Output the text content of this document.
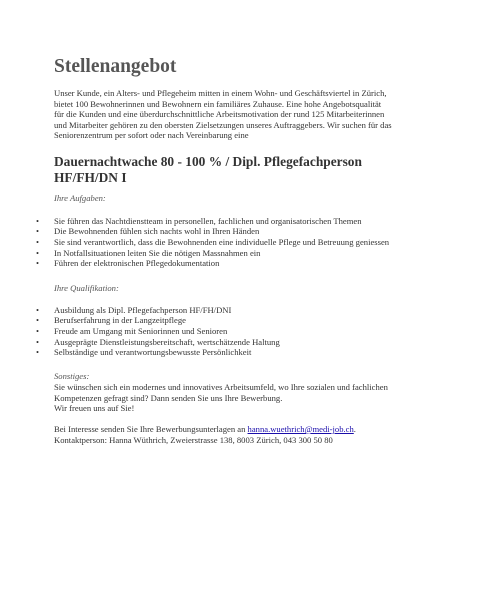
Stellenangebot

Unser Kunde, ein Alters- und Pflegeheim mitten in einem Wohn- und Geschäftsviertel in Zürich,
bietet 100 Bewohnerinnen und Bewohnern ein familiäres Zuhause. Eine hohe Angebotsqualität
für die Kunden und eine überdurchschnittliche Arbeitsmotivation der rund 125 Mitarbeiterinnen
und Mitarbeiter gehören zu den obersten Zielsetzungen unseres Auftraggebers. Wir suchen für das
Seniorenzentrum per sofort oder nach Vereinbarung eine

Dauernachtwache 80 - 100 % / Dipl. Pflegefachperson
HF/FH/DN I
Ihre Aufgaben:
• Sie führen das Nachtdienstteam in personellen, fachlichen und organisatorischen Themen
• Die Bewohnenden fühlen sich nachts wohl in Ihren Händen
• Sie sind verantwortlich, dass die Bewohnenden eine individuelle Pflege und Betreuung geniessen
• In Notfallsituationen leiten Sie die nötigen Massnahmen ein
• Führen der elektronischen Pflegedokumentation
Ihre Qualifikation:
• Ausbildung als Dipl. Pflegefachperson HF/FH/DNI
• Berufserfahrung in der Langzeitpflege
• Freude am Umgang mit Seniorinnen und Senioren
• Ausgeprägte Dienstleistungsbereitschaft, wertschätzende Haltung
• Selbständige und verantwortungsbewusste Persönlichkeit

Sonstiges:
Sie wünschen sich ein modernes und innovatives Arbeitsumfeld, wo Ihre sozialen und fachlichen
Kompetenzen gefragt sind? Dann senden Sie uns Ihre Bewerbung.
Wir freuen uns auf Sie!

Bei Interesse senden Sie Ihre Bewerbungsunterlagen an hanna.wuethrich@medi-job.ch.
Kontaktperson: Hanna Wüthrich, Zweierstrasse 138, 8003 Zürich, 043 300 50 80
